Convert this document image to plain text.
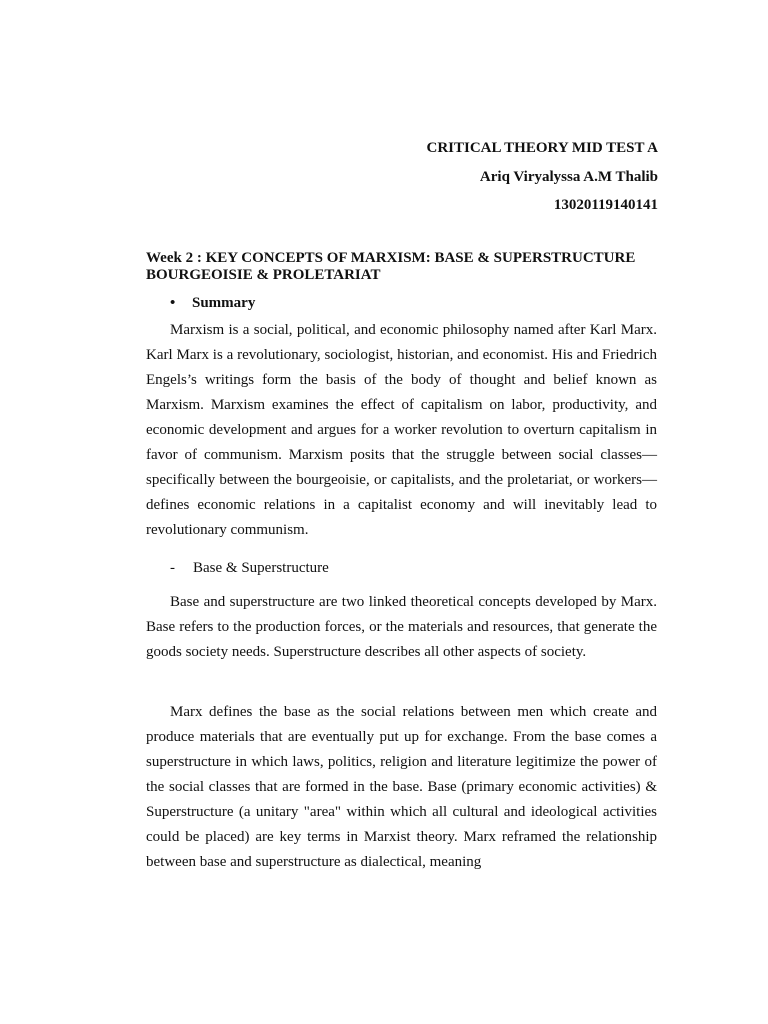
CRITICAL THEORY MID TEST A
Ariq Viryalyssa A.M Thalib
13020119140141
Week 2 : KEY CONCEPTS OF MARXISM: BASE & SUPERSTRUCTURE BOURGEOISIE & PROLETARIAT
• Summary

Marxism is a social, political, and economic philosophy named after Karl Marx. Karl Marx is a revolutionary, sociologist, historian, and economist. His and Friedrich Engels’s writings form the basis of the body of thought and belief known as Marxism. Marxism examines the effect of capitalism on labor, productivity, and economic development and argues for a worker revolution to overturn capitalism in favor of communism. Marxism posits that the struggle between social classes—specifically between the bourgeoisie, or capitalists, and the proletariat, or workers—defines economic relations in a capitalist economy and will inevitably lead to revolutionary communism.

- Base & Superstructure

Base and superstructure are two linked theoretical concepts developed by Marx. Base refers to the production forces, or the materials and resources, that generate the goods society needs. Superstructure describes all other aspects of society.

Marx defines the base as the social relations between men which create and produce materials that are eventually put up for exchange. From the base comes a superstructure in which laws, politics, religion and literature legitimize the power of the social classes that are formed in the base. Base (primary economic activities) & Superstructure (a unitary "area" within which all cultural and ideological activities could be placed) are key terms in Marxist theory. Marx reframed the relationship between base and superstructure as dialectical, meaning
